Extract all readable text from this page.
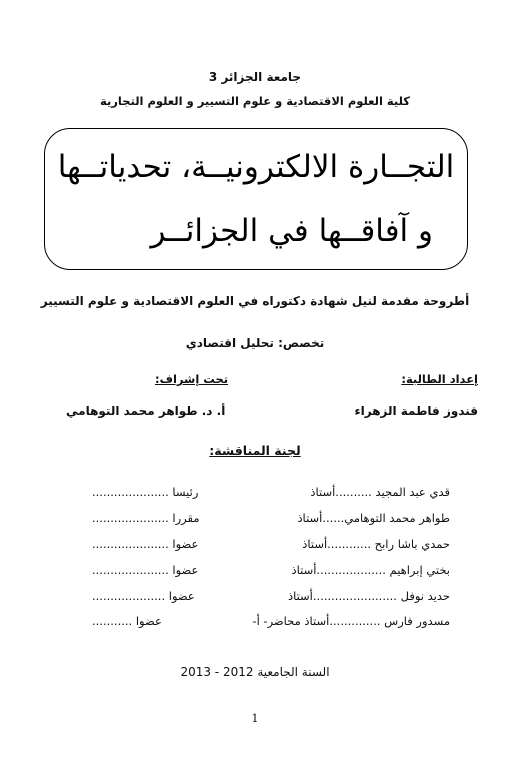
جامعة الجزائر 3
كلية العلوم الاقتصادية و علوم التسيير و العلوم التجارية
التجــارة الالكترونيــة، تحدياتــها
و آفاقــها في الجزائــر
أطروحة مقدمة لنيل شهادة دكتوراه في العلوم الاقتصادية و علوم التسيير
تخصص: تحليل اقتصادي
إعداد الطالبة:
تحت إشراف:
قندوز فاطمة الزهراء
أ. د. طواهر محمد التوهامي
لجنة المناقشة:
قدي عبد المجيد ..........أستاذ
رئيسا .....................
طواهر محمد التوهامي......أستاذ
مقررا .....................
حمدي باشا رابح ............أستاذ
عضوا .....................
بختي إبراهيم ...................أستاذ
عضوا .....................
حديد نوفل .......................أستاذ
عضوا ....................
مسدور فارس ..............أستاذ محاضر- أ-
عضوا ...........
السنة الجامعية 2012 - 2013
1
